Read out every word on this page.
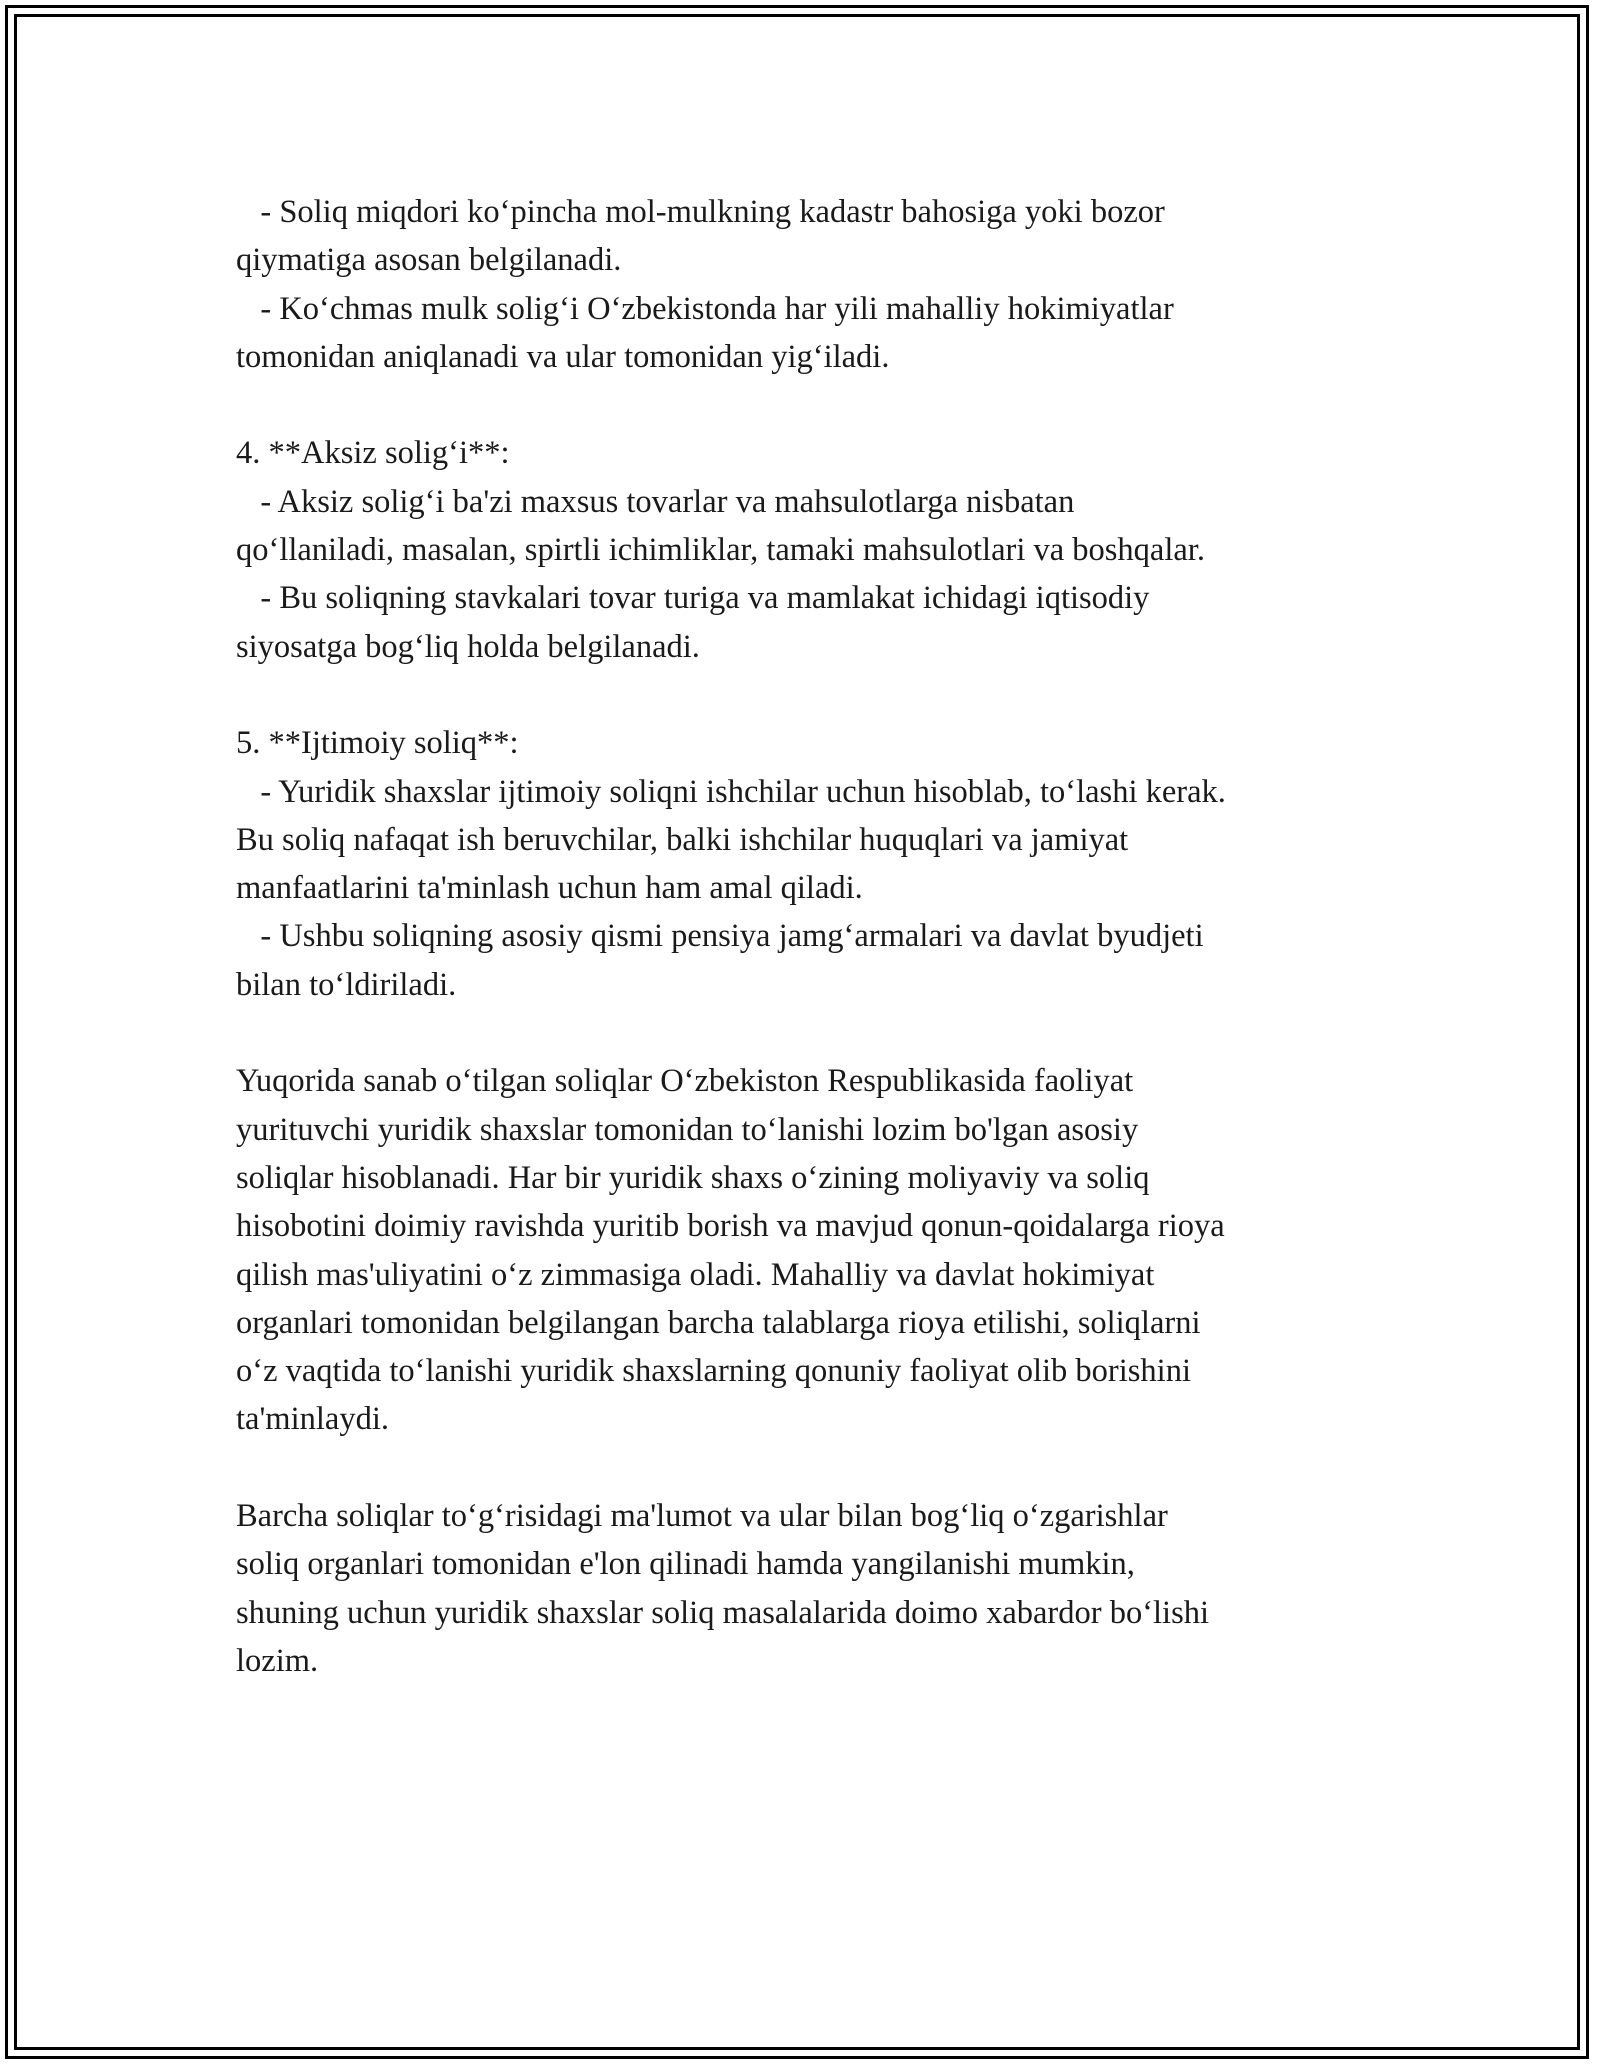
- Soliq miqdori ko‘pincha mol-mulkning kadastr bahosiga yoki bozor

qiymatiga asosan belgilanadi.

- Ko‘chmas mulk solig‘i O‘zbekistonda har yili mahalliy hokimiyatlar

tomonidan aniqlanadi va ular tomonidan yig‘iladi.

4. **Aksiz solig‘i**:

- Aksiz solig‘i ba'zi maxsus tovarlar va mahsulotlarga nisbatan

qo‘llaniladi, masalan, spirtli ichimliklar, tamaki mahsulotlari va boshqalar.

- Bu soliqning stavkalari tovar turiga va mamlakat ichidagi iqtisodiy

siyosatga bog‘liq holda belgilanadi.

5. **Ijtimoiy soliq**:

- Yuridik shaxslar ijtimoiy soliqni ishchilar uchun hisoblab, to‘lashi kerak.

Bu soliq nafaqat ish beruvchilar, balki ishchilar huquqlari va jamiyat

manfaatlarini ta'minlash uchun ham amal qiladi.

- Ushbu soliqning asosiy qismi pensiya jamg‘armalari va davlat byudjeti

bilan to‘ldiriladi.

Yuqorida sanab o‘tilgan soliqlar O‘zbekiston Respublikasida faoliyat

yurituvchi yuridik shaxslar tomonidan to‘lanishi lozim bo'lgan asosiy

soliqlar hisoblanadi. Har bir yuridik shaxs o‘zining moliyaviy va soliq

hisobotini doimiy ravishda yuritib borish va mavjud qonun-qoidalarga rioya

qilish mas'uliyatini o‘z zimmasiga oladi. Mahalliy va davlat hokimiyat

organlari tomonidan belgilangan barcha talablarga rioya etilishi, soliqlarni

o‘z vaqtida to‘lanishi yuridik shaxslarning qonuniy faoliyat olib borishini

ta'minlaydi.

Barcha soliqlar to‘g‘risidagi ma'lumot va ular bilan bog‘liq o‘zgarishlar

soliq organlari tomonidan e'lon qilinadi hamda yangilanishi mumkin,

shuning uchun yuridik shaxslar soliq masalalarida doimo xabardor bo‘lishi

lozim.
